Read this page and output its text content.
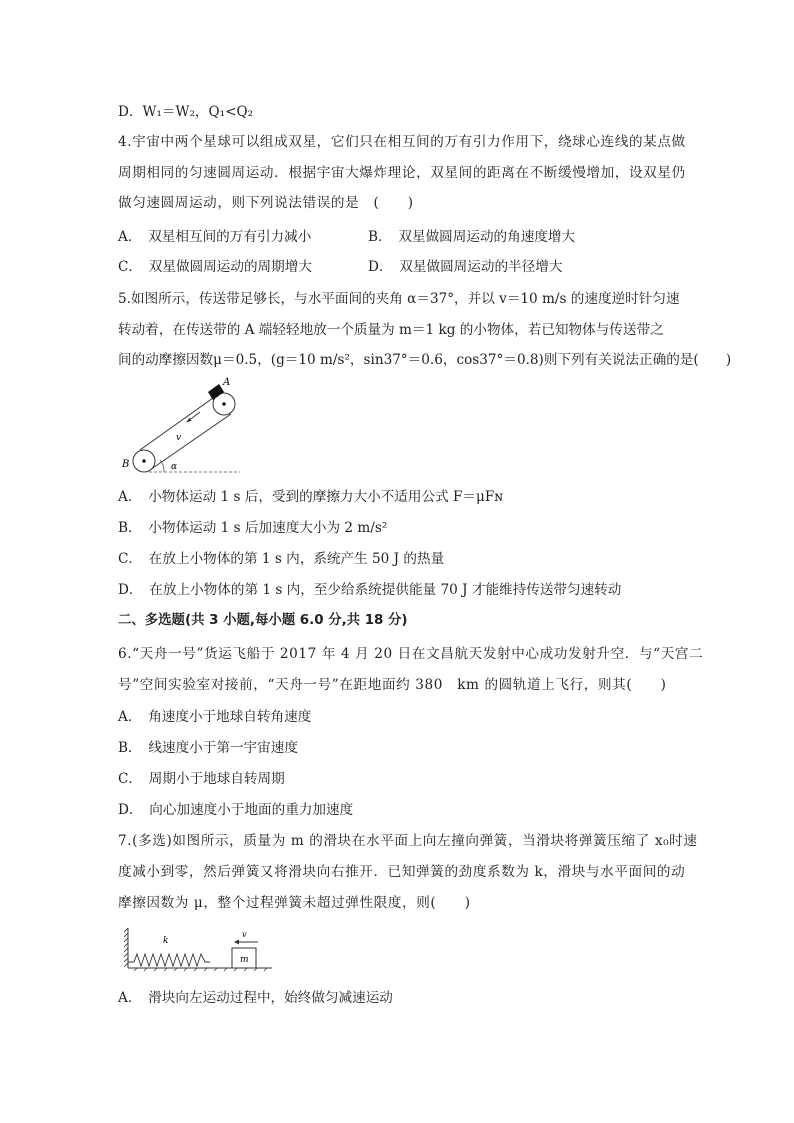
D．W₁＝W₂，Q₁<Q₂
4.宇宙中两个星球可以组成双星，它们只在相互间的万有引力作用下，绕球心连线的某点做
周期相同的匀速圆周运动．根据宇宙大爆炸理论，双星间的距离在不断缓慢增加，设双星仍
做匀速圆周运动，则下列说法错误的是　(　　)
A．　双星相互间的万有引力减小	B．　双星做圆周运动的角速度增大
C．　双星做圆周运动的周期增大	D．　双星做圆周运动的半径增大
5.如图所示，传送带足够长，与水平面间的夹角 α＝37°，并以 v＝10 m/s 的速度逆时针匀速
转动着，在传送带的 A 端轻轻地放一个质量为 m＝1 kg 的小物体，若已知物体与传送带之
间的动摩擦因数μ＝0.5，(g＝10 m/s²，sin37°＝0.6，cos37°＝0.8)则下列有关说法正确的是(　　)
A
v
B	α
A．　小物体运动 1 s 后，受到的摩擦力大小不适用公式 F＝μFɴ
B．　小物体运动 1 s 后加速度大小为 2 m/s²
C．　在放上小物体的第 1 s 内，系统产生 50 J 的热量
D．　在放上小物体的第 1 s 内，至少给系统提供能量 70 J 才能维持传送带匀速转动
二、多选题(共 3 小题,每小题 6.0 分,共 18 分)
6.“天舟一号”货运飞船于 2017 年 4 月 20 日在文昌航天发射中心成功发射升空．与“天宫二
号”空间实验室对接前，“天舟一号”在距地面约 380　km 的圆轨道上飞行，则其(　　)
A．　角速度小于地球自转角速度
B．　线速度小于第一宇宙速度
C．　周期小于地球自转周期
D．　向心加速度小于地面的重力加速度
7.(多选)如图所示，质量为 m 的滑块在水平面上向左撞向弹簧，当滑块将弹簧压缩了 x₀时速
度减小到零，然后弹簧又将滑块向右推开．已知弹簧的劲度系数为 k，滑块与水平面间的动
摩擦因数为 μ，整个过程弹簧未超过弹性限度，则(　　)
k
v
m
A．　滑块向左运动过程中，始终做匀减速运动
